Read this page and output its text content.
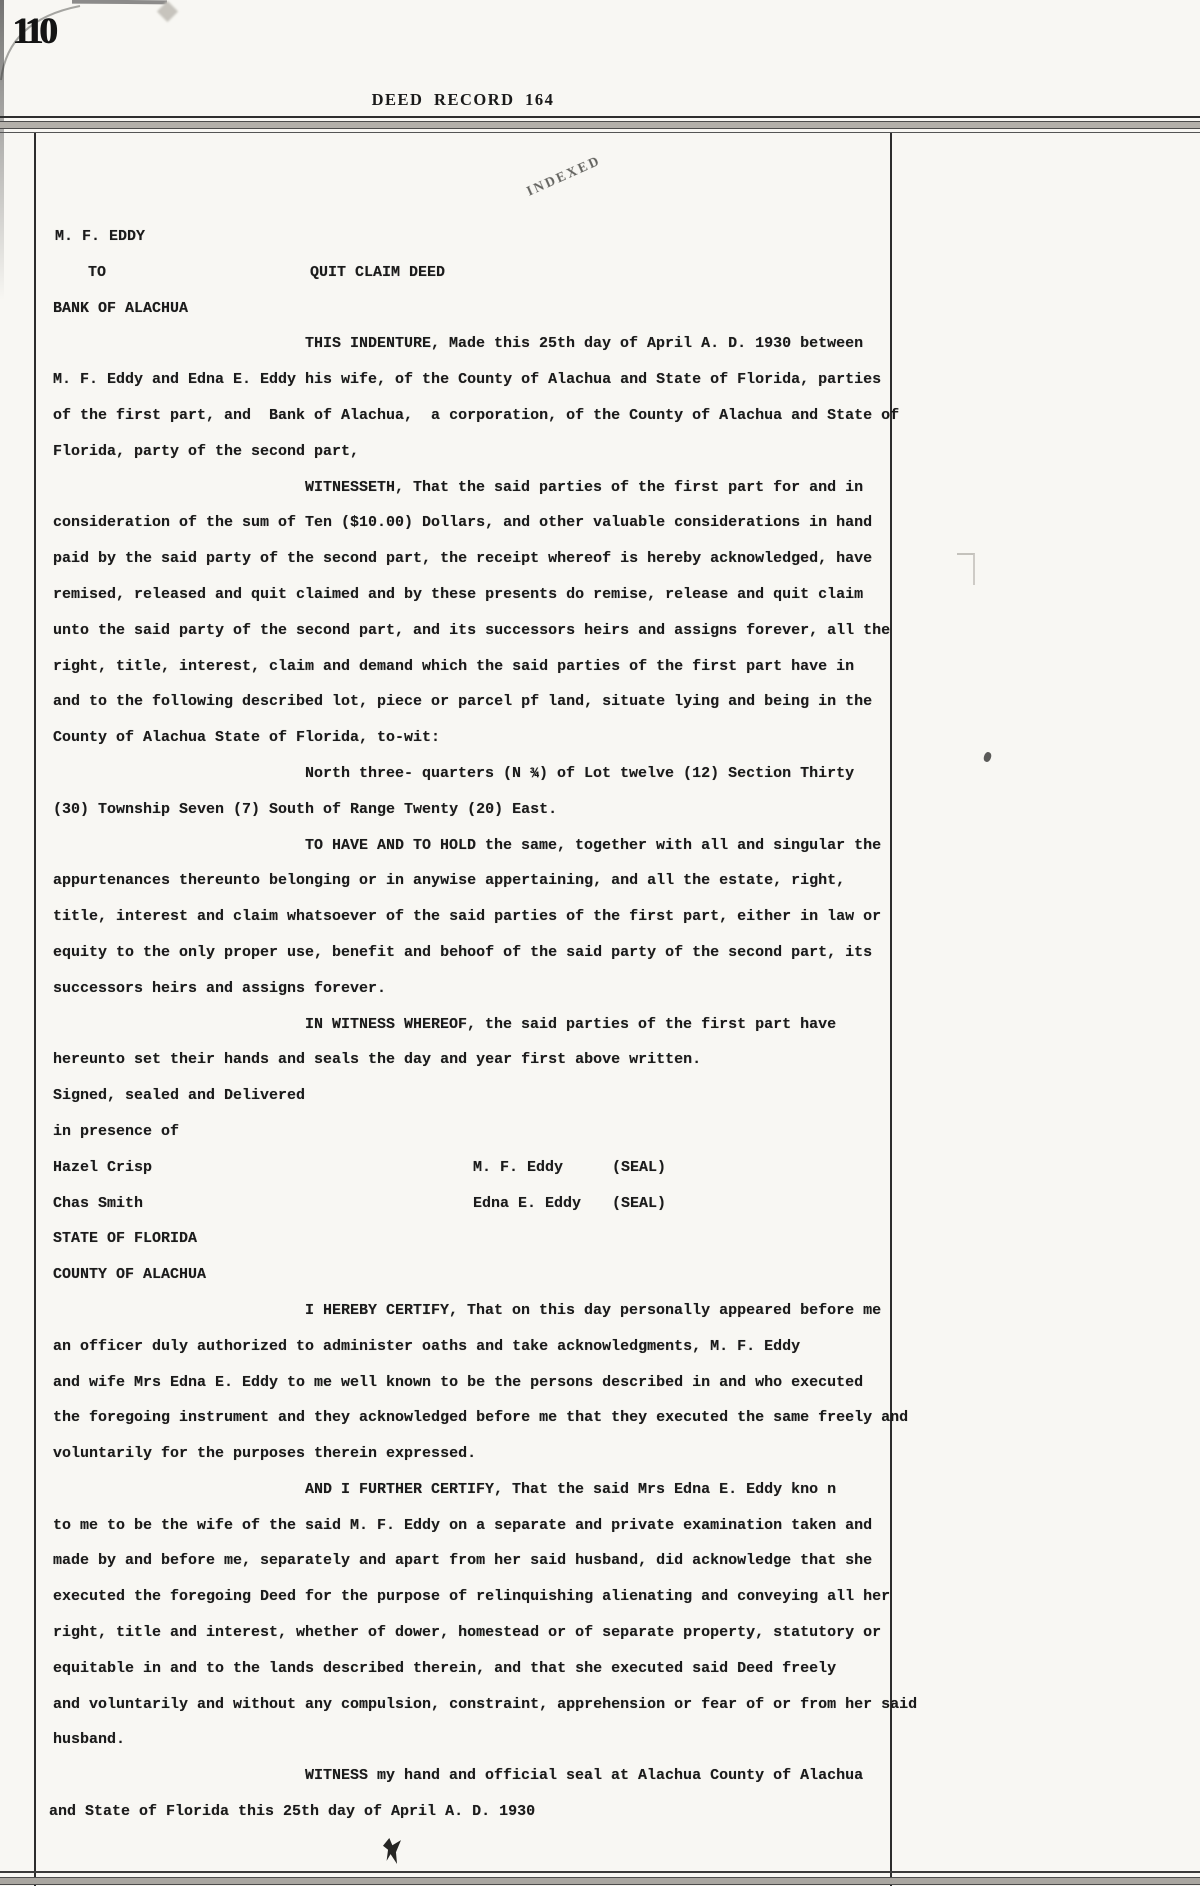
110
DEED RECORD 164
INDEXED
M. F. EDDY
TO	QUIT CLAIM DEED
BANK OF ALACHUA
THIS INDENTURE, Made this 25th day of April A. D. 1930 between
M. F. Eddy and Edna E. Eddy his wife, of the County of Alachua and State of Florida, parties
of the first part, and  Bank of Alachua,  a corporation, of the County of Alachua and State of
Florida, party of the second part,
WITNESSETH, That the said parties of the first part for and in
consideration of the sum of Ten ($10.00) Dollars, and other valuable considerations in hand
paid by the said party of the second part, the receipt whereof is hereby acknowledged, have
remised, released and quit claimed and by these presents do remise, release and quit claim
unto the said party of the second part, and its successors heirs and assigns forever, all the
right, title, interest, claim and demand which the said parties of the first part have in
and to the following described lot, piece or parcel pf land, situate lying and being in the
County of Alachua State of Florida, to-wit:
North three- quarters (N ¾) of Lot twelve (12) Section Thirty
(30) Township Seven (7) South of Range Twenty (20) East.
TO HAVE AND TO HOLD the same, together with all and singular the
appurtenances thereunto belonging or in anywise appertaining, and all the estate, right,
title, interest and claim whatsoever of the said parties of the first part, either in law or
equity to the only proper use, benefit and behoof of the said party of the second part, its
successors heirs and assigns forever.
IN WITNESS WHEREOF, the said parties of the first part have
hereunto set their hands and seals the day and year first above written.
Signed, sealed and Delivered
in presence of
Hazel Crisp	M. F. Eddy	(SEAL)
Chas Smith	Edna E. Eddy (SEAL)
STATE OF FLORIDA
COUNTY OF ALACHUA
I HEREBY CERTIFY, That on this day personally appeared before me
an officer duly authorized to administer oaths and take acknowledgments, M. F. Eddy
and wife Mrs Edna E. Eddy to me well known to be the persons described in and who executed
the foregoing instrument and they acknowledged before me that they executed the same freely and
voluntarily for the purposes therein expressed.
AND I FURTHER CERTIFY, That the said Mrs Edna E. Eddy kno n
to me to be the wife of the said M. F. Eddy on a separate and private examination taken and
made by and before me, separately and apart from her said husband, did acknowledge that she
executed the foregoing Deed for the purpose of relinquishing alienating and conveying all her
right, title and interest, whether of dower, homestead or of separate property, statutory or
equitable in and to the lands described therein, and that she executed said Deed freely
and voluntarily and without any compulsion, constraint, apprehension or fear of or from her said
husband.
WITNESS my hand and official seal at Alachua County of Alachua
and State of Florida this 25th day of April A. D. 1930
